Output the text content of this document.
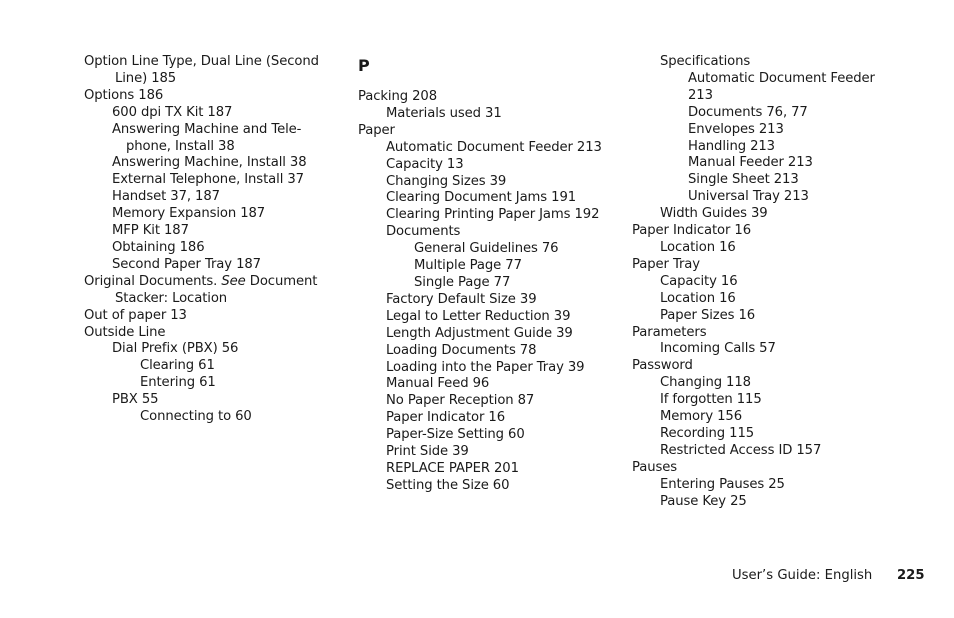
Option Line Type, Dual Line (Second
Line) 185
Options 186
600 dpi TX Kit 187
Answering Machine and Tele-
phone, Install 38
Answering Machine, Install 38
External Telephone, Install 37
Handset 37, 187
Memory Expansion 187
MFP Kit 187
Obtaining 186
Second Paper Tray 187
Original Documents. See Document
Stacker: Location
Out of paper 13
Outside Line
Dial Prefix (PBX) 56
Clearing 61
Entering 61
PBX 55
Connecting to 60
P
Packing 208
Materials used 31
Paper
Automatic Document Feeder 213
Capacity 13
Changing Sizes 39
Clearing Document Jams 191
Clearing Printing Paper Jams 192
Documents
General Guidelines 76
Multiple Page 77
Single Page 77
Factory Default Size 39
Legal to Letter Reduction 39
Length Adjustment Guide 39
Loading Documents 78
Loading into the Paper Tray 39
Manual Feed 96
No Paper Reception 87
Paper Indicator 16
Paper-Size Setting 60
Print Side 39
REPLACE PAPER 201
Setting the Size 60
Specifications
Automatic Document Feeder
213
Documents 76, 77
Envelopes 213
Handling 213
Manual Feeder 213
Single Sheet 213
Universal Tray 213
Width Guides 39
Paper Indicator 16
Location 16
Paper Tray
Capacity 16
Location 16
Paper Sizes 16
Parameters
Incoming Calls 57
Password
Changing 118
If forgotten 115
Memory 156
Recording 115
Restricted Access ID 157
Pauses
Entering Pauses 25
Pause Key 25
User’s Guide: English 225
